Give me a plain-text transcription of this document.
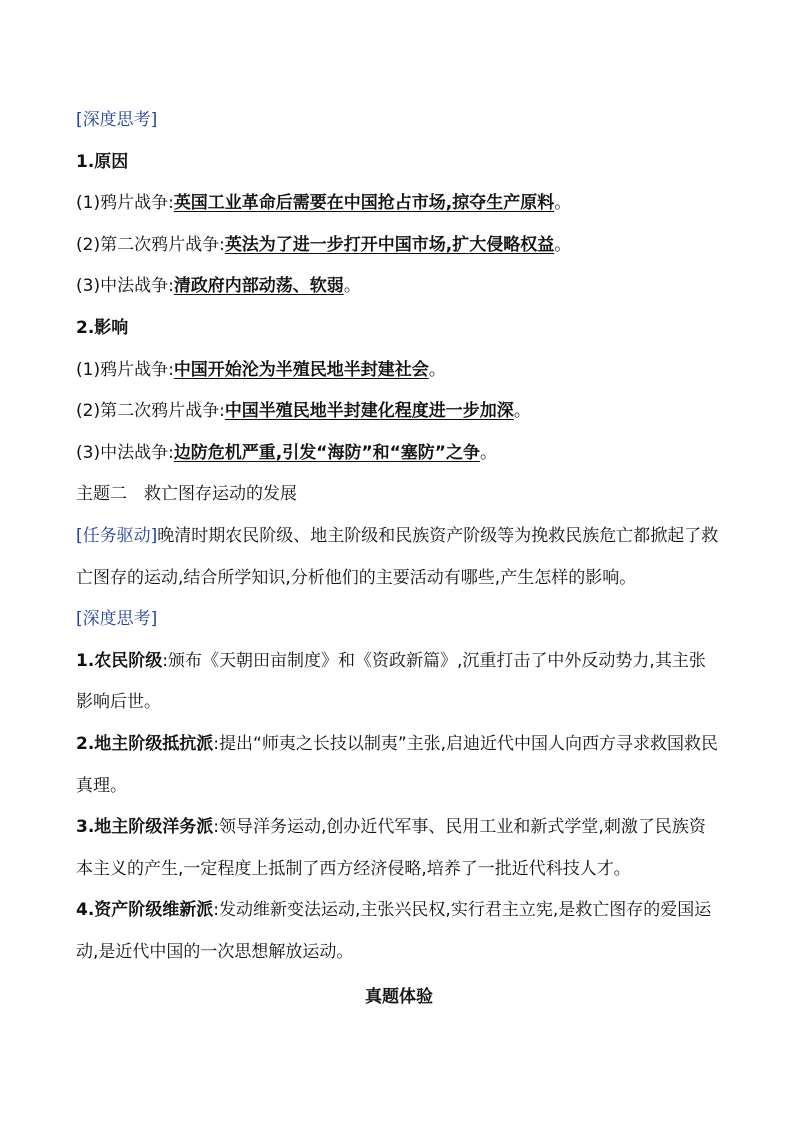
[深度思考]
1.原因
(1)鸦片战争:英国工业革命后需要在中国抢占市场,掠夺生产原料。
(2)第二次鸦片战争:英法为了进一步打开中国市场,扩大侵略权益。
(3)中法战争:清政府内部动荡、软弱。
2.影响
(1)鸦片战争:中国开始沦为半殖民地半封建社会。
(2)第二次鸦片战争:中国半殖民地半封建化程度进一步加深。
(3)中法战争:边防危机严重,引发“海防”和“塞防”之争。
主题二　救亡图存运动的发展
[任务驱动]晚清时期农民阶级、地主阶级和民族资产阶级等为挽救民族危亡都掀起了救亡图存的运动,结合所学知识,分析他们的主要活动有哪些,产生怎样的影响。
[深度思考]
1.农民阶级:颁布《天朝田亩制度》和《资政新篇》,沉重打击了中外反动势力,其主张影响后世。
2.地主阶级抵抗派:提出“师夷之长技以制夷”主张,启迪近代中国人向西方寻求救国救民真理。
3.地主阶级洋务派:领导洋务运动,创办近代军事、民用工业和新式学堂,刺激了民族资本主义的产生,一定程度上抵制了西方经济侵略,培养了一批近代科技人才。
4.资产阶级维新派:发动维新变法运动,主张兴民权,实行君主立宪,是救亡图存的爱国运动,是近代中国的一次思想解放运动。
真题体验
